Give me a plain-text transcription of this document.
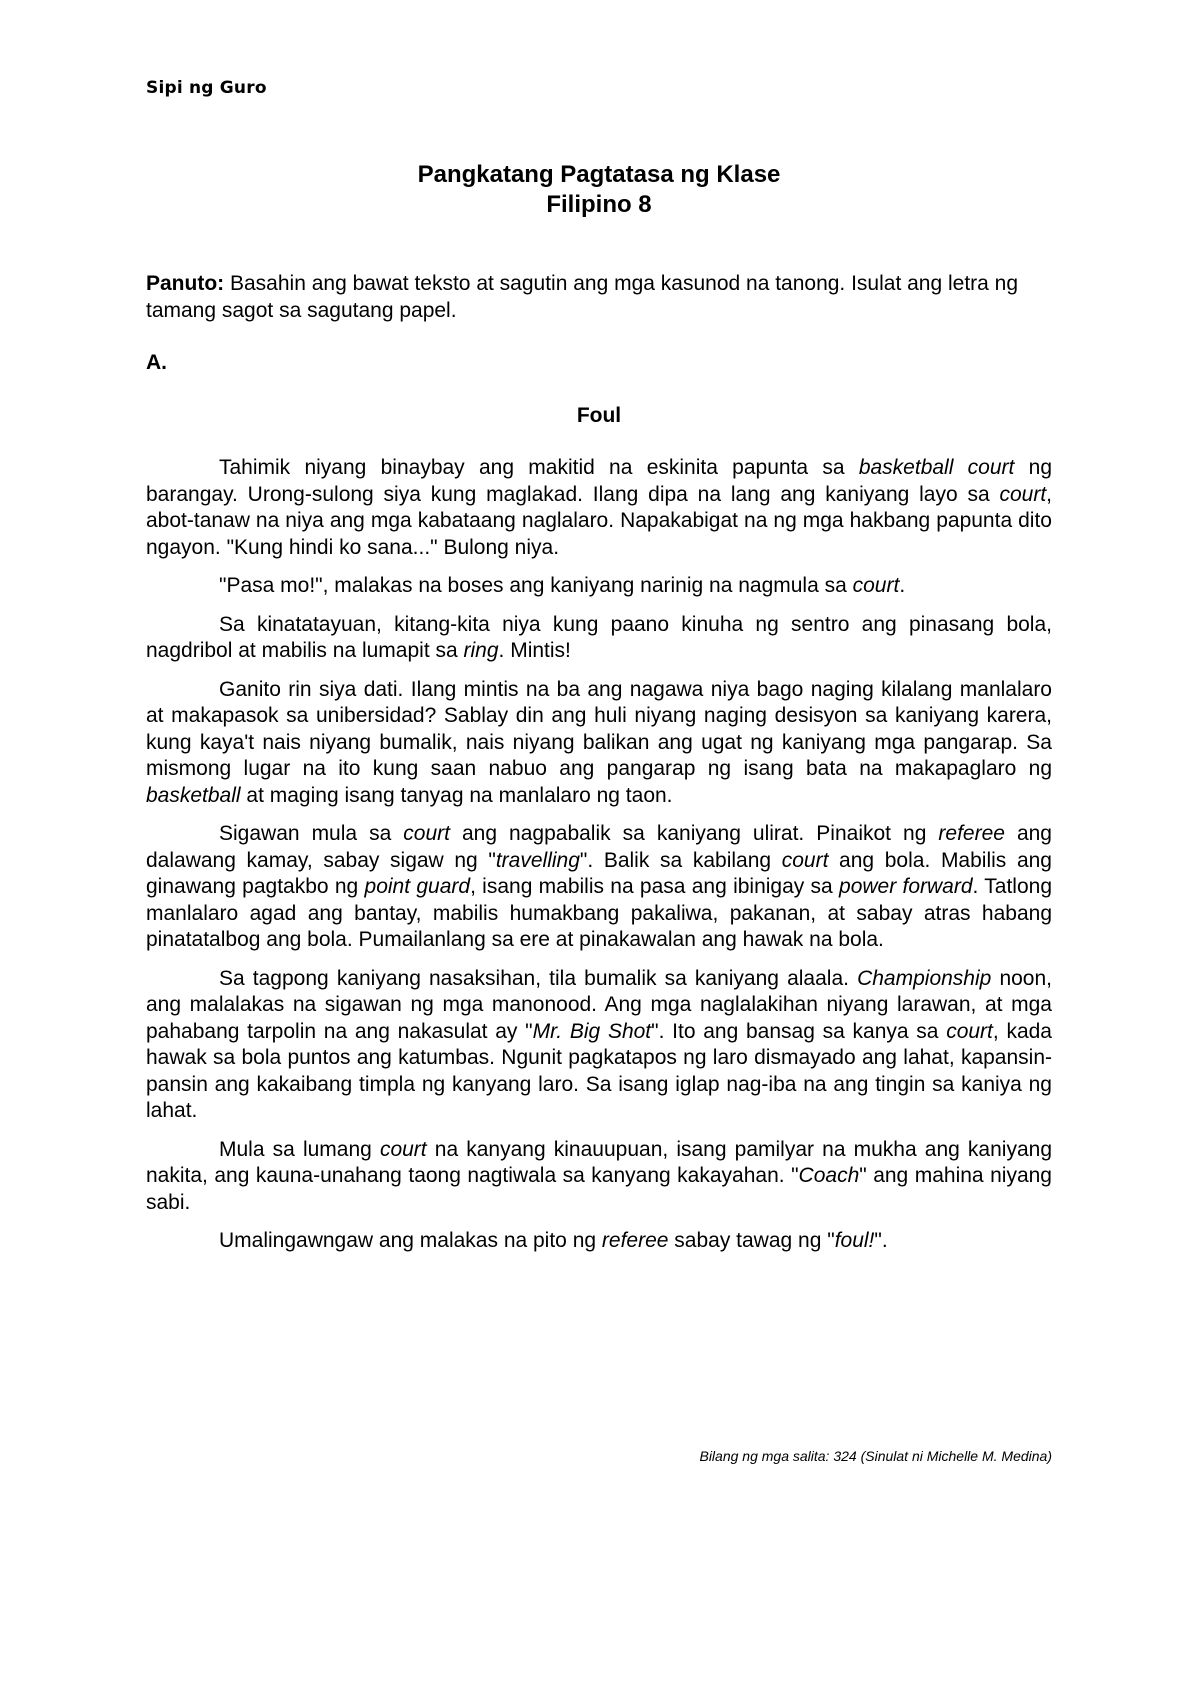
Sipi ng Guro
Pangkatang Pagtatasa ng Klase
Filipino 8

Panuto: Basahin ang bawat teksto at sagutin ang mga kasunod na tanong. Isulat ang letra ng tamang sagot sa sagutang papel.

A.

Foul

Tahimik niyang binaybay ang makitid na eskinita papunta sa basketball court ng barangay. Urong-sulong siya kung maglakad. Ilang dipa na lang ang kaniyang layo sa court, abot-tanaw na niya ang mga kabataang naglalaro. Napakabigat na ng mga hakbang papunta dito ngayon. "Kung hindi ko sana..." Bulong niya.

"Pasa mo!", malakas na boses ang kaniyang narinig na nagmula sa court.

Sa kinatatayuan, kitang-kita niya kung paano kinuha ng sentro ang pinasang bola, nagdribol at mabilis na lumapit sa ring. Mintis!

Ganito rin siya dati. Ilang mintis na ba ang nagawa niya bago naging kilalang manlalaro at makapasok sa unibersidad? Sablay din ang huli niyang naging desisyon sa kaniyang karera, kung kaya't nais niyang bumalik, nais niyang balikan ang ugat ng kaniyang mga pangarap. Sa mismong lugar na ito kung saan nabuo ang pangarap ng isang bata na makapaglaro ng basketball at maging isang tanyag na manlalaro ng taon.

Sigawan mula sa court ang nagpabalik sa kaniyang ulirat. Pinaikot ng referee ang dalawang kamay, sabay sigaw ng "travelling". Balik sa kabilang court ang bola. Mabilis ang ginawang pagtakbo ng point guard, isang mabilis na pasa ang ibinigay sa power forward. Tatlong manlalaro agad ang bantay, mabilis humakbang pakaliwa, pakanan, at sabay atras habang pinatatalbog ang bola. Pumailanlang sa ere at pinakawalan ang hawak na bola.

Sa tagpong kaniyang nasaksihan, tila bumalik sa kaniyang alaala. Championship noon, ang malalakas na sigawan ng mga manonood. Ang mga naglalakihan niyang larawan, at mga pahabang tarpolin na ang nakasulat ay "Mr. Big Shot". Ito ang bansag sa kanya sa court, kada hawak sa bola puntos ang katumbas. Ngunit pagkatapos ng laro dismayado ang lahat, kapansin-pansin ang kakaibang timpla ng kanyang laro. Sa isang iglap nag-iba na ang tingin sa kaniya ng lahat.

Mula sa lumang court na kanyang kinauupuan, isang pamilyar na mukha ang kaniyang nakita, ang kauna-unahang taong nagtiwala sa kanyang kakayahan. "Coach" ang mahina niyang sabi.

Umalingawngaw ang malakas na pito ng referee sabay tawag ng "foul!".

Bilang ng mga salita: 324 (Sinulat ni Michelle M. Medina)
